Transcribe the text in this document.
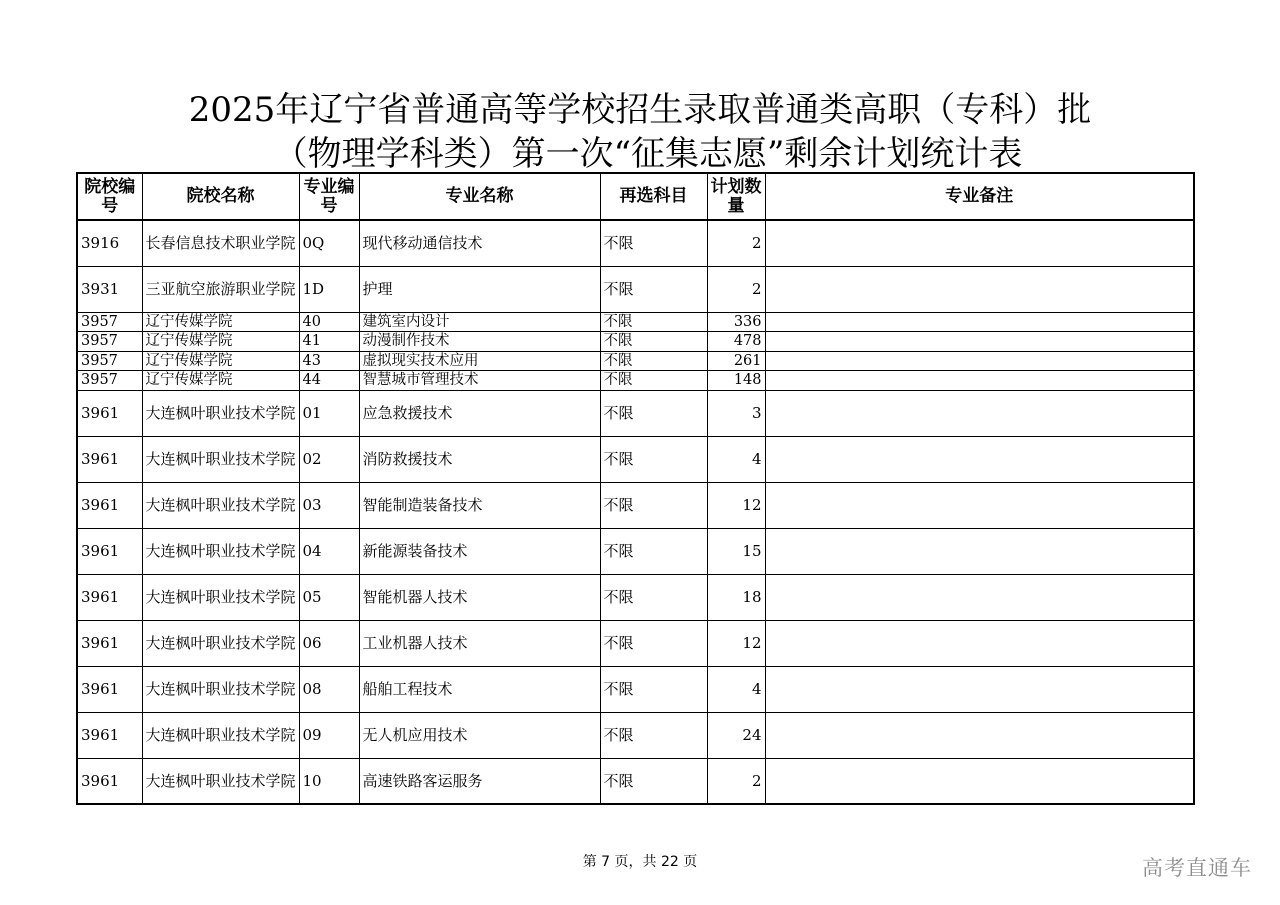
2025年辽宁省普通高等学校招生录取普通类高职（专科）批
（物理学科类）第一次“征集志愿”剩余计划统计表
院校编号	院校名称	专业编号	专业名称	再选科目	计划数量	专业备注
3916	长春信息技术职业学院	0Q	现代移动通信技术	不限	2	
3931	三亚航空旅游职业学院	1D	护理	不限	2	
3957	辽宁传媒学院	40	建筑室内设计	不限	336	
3957	辽宁传媒学院	41	动漫制作技术	不限	478	
3957	辽宁传媒学院	43	虚拟现实技术应用	不限	261	
3957	辽宁传媒学院	44	智慧城市管理技术	不限	148	
3961	大连枫叶职业技术学院	01	应急救援技术	不限	3	
3961	大连枫叶职业技术学院	02	消防救援技术	不限	4	
3961	大连枫叶职业技术学院	03	智能制造装备技术	不限	12	
3961	大连枫叶职业技术学院	04	新能源装备技术	不限	15	
3961	大连枫叶职业技术学院	05	智能机器人技术	不限	18	
3961	大连枫叶职业技术学院	06	工业机器人技术	不限	12	
3961	大连枫叶职业技术学院	08	船舶工程技术	不限	4	
3961	大连枫叶职业技术学院	09	无人机应用技术	不限	24	
3961	大连枫叶职业技术学院	10	高速铁路客运服务	不限	2	
第 7 页，共 22 页	高考直通车
